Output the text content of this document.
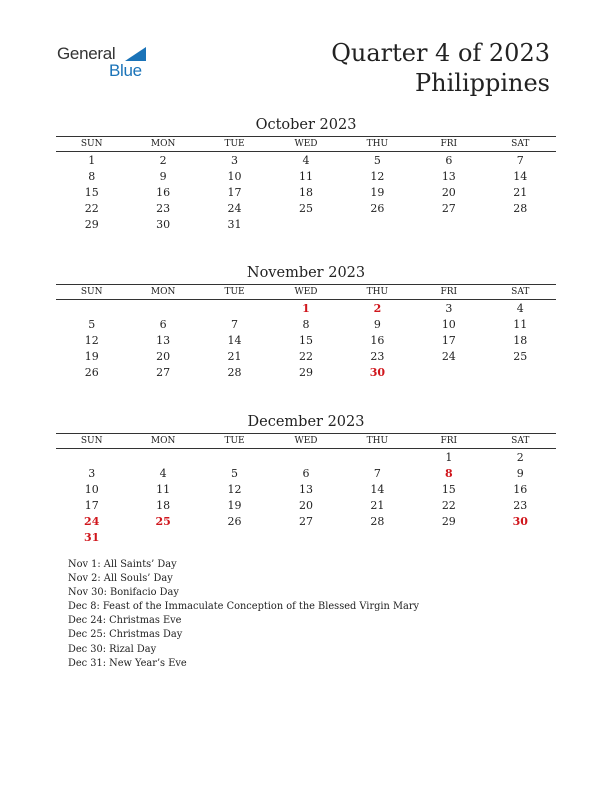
General
Blue
Quarter 4 of 2023
Philippines
October 2023
SUN	MON	TUE	WED	THU	FRI	SAT
1	2	3	4	5	6	7
8	9	10	11	12	13	14
15	16	17	18	19	20	21
22	23	24	25	26	27	28
29	30	31				
November 2023
SUN	MON	TUE	WED	THU	FRI	SAT
			1	2	3	4
5	6	7	8	9	10	11
12	13	14	15	16	17	18
19	20	21	22	23	24	25
26	27	28	29	30		
December 2023
SUN	MON	TUE	WED	THU	FRI	SAT
					1	2
3	4	5	6	7	8	9
10	11	12	13	14	15	16
17	18	19	20	21	22	23
24	25	26	27	28	29	30
31						
Nov 1: All Saints’ Day
Nov 2: All Souls’ Day
Nov 30: Bonifacio Day
Dec 8: Feast of the Immaculate Conception of the Blessed Virgin Mary
Dec 24: Christmas Eve
Dec 25: Christmas Day
Dec 30: Rizal Day
Dec 31: New Year’s Eve
